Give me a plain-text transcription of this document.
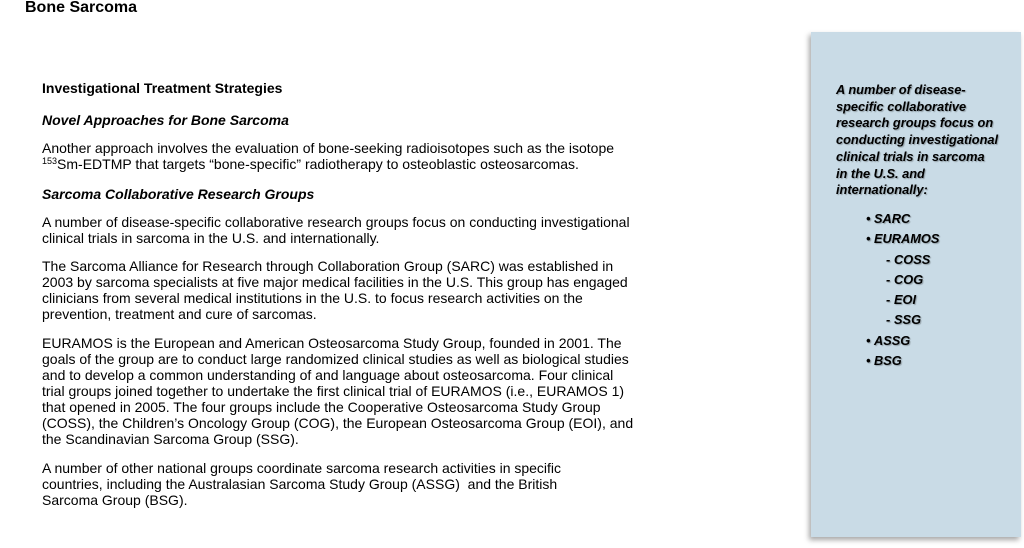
Bone Sarcoma
Investigational Treatment Strategies
Novel Approaches for Bone Sarcoma

Another approach involves the evaluation of bone-seeking radioisotopes such as the isotope
$^{153}$Sm-EDTMP that targets “bone-specific” radiotherapy to osteoblastic osteosarcomas.

Sarcoma Collaborative Research Groups

A number of disease-specific collaborative research groups focus on conducting investigational
clinical trials in sarcoma in the U.S. and internationally.

The Sarcoma Alliance for Research through Collaboration Group (SARC) was established in
2003 by sarcoma specialists at five major medical facilities in the U.S. This group has engaged
clinicians from several medical institutions in the U.S. to focus research activities on the
prevention, treatment and cure of sarcomas.

EURAMOS is the European and American Osteosarcoma Study Group, founded in 2001. The
goals of the group are to conduct large randomized clinical studies as well as biological studies
and to develop a common understanding of and language about osteosarcoma. Four clinical
trial groups joined together to undertake the first clinical trial of EURAMOS (i.e., EURAMOS 1)
that opened in 2005. The four groups include the Cooperative Osteosarcoma Study Group
(COSS), the Children’s Oncology Group (COG), the European Osteosarcoma Group (EOI), and
the Scandinavian Sarcoma Group (SSG).

A number of other national groups coordinate sarcoma research activities in specific
countries, including the Australasian Sarcoma Study Group (ASSG)  and the British
Sarcoma Group (BSG).

A number of disease-
specific collaborative
research groups focus on
conducting investigational
clinical trials in sarcoma
in the U.S. and
internationally:

• SARC
• EURAMOS
- COSS
- COG
- EOI
- SSG
• ASSG
• BSG
